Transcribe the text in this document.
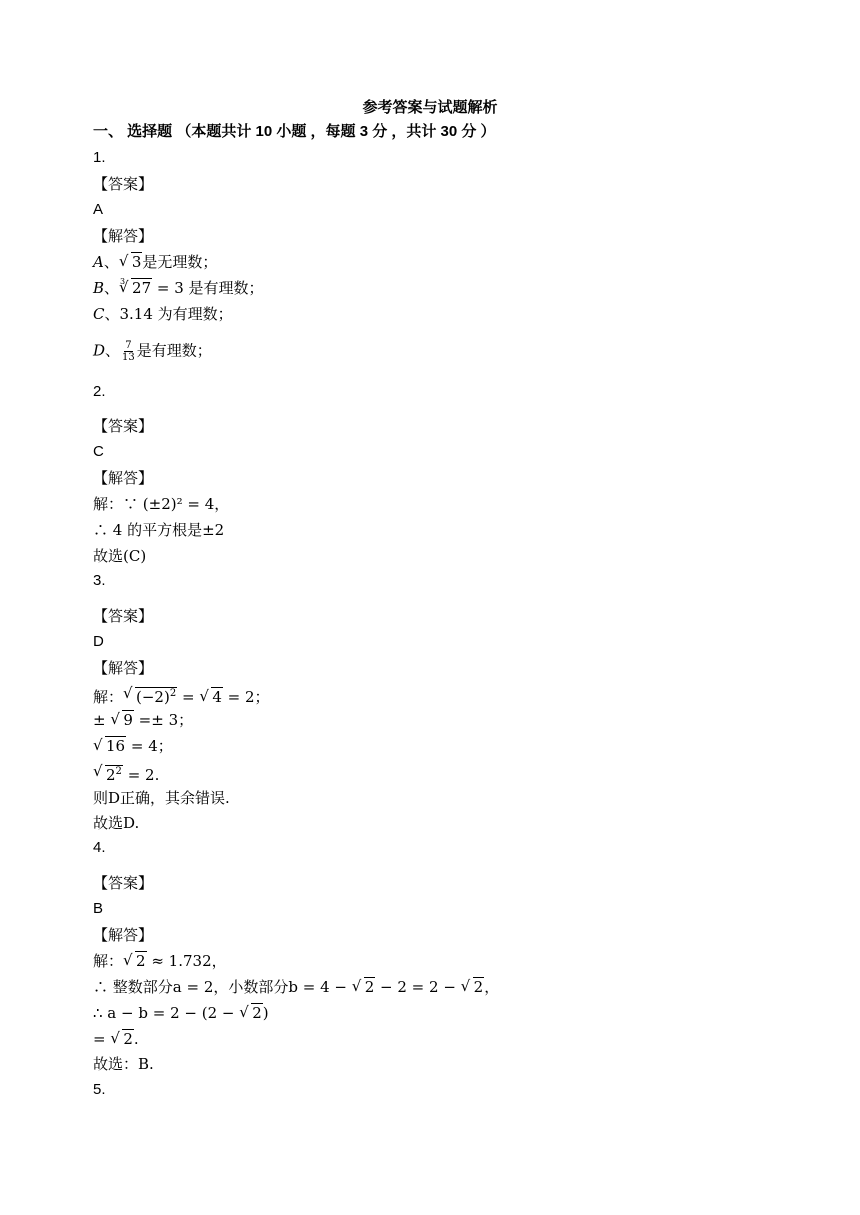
参考答案与试题解析
一、 选择题 （本题共计 10 小题 ，每题 3 分 ，共计 30 分 ）
1.
【答案】
A
【解答】
A、 √ 3是无理数；
B、 √ 3 27 = 3 是有理数；
C、3.14 为有理数；
D、 $\frac{7}{13}$ 是有理数；
2.
【答案】
C
【解答】
解：∵ (±2)² = 4，
∴ 4 的平方根是±2
故选(C)
3.
【答案】
D
【解答】
解： √ $(-2)^2$ = √ 4 = 2；
± √ 9 =± 3；
√ 16 = 4；
√ $2^2 = 2$.
则D正确，其余错误.
故选D.
4.
【答案】
B
【解答】
解： √ 2 ≈ 1.732，
∴ 整数部分a = 2，小数部分b = 4 − √ 2 − 2 = 2 − √ 2，
∴ a − b = 2 − (2 − √ 2)
= √ 2.
故选：B.
5.
